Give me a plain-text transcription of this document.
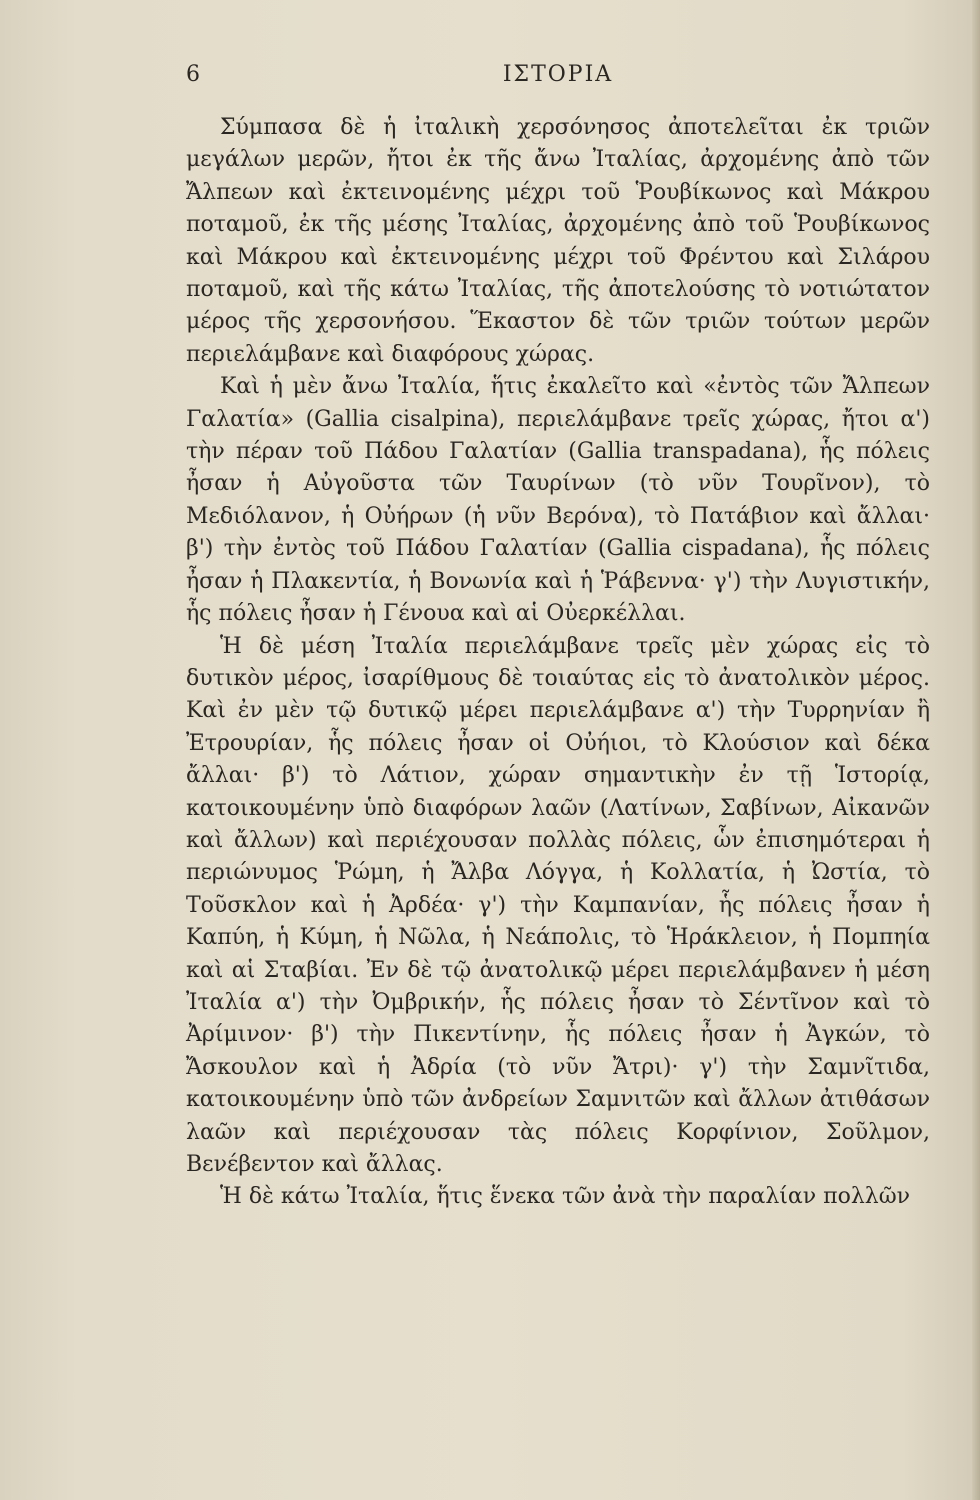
ΙΣΤΟΡΙΑ
6

Σύμπασα δὲ ἡ ἰταλικὴ χερσόνησος ἀποτελεῖται ἐκ τριῶν μεγάλων μερῶν, ἤτοι ἐκ τῆς ἄνω Ἰταλίας, ἀρχομένης ἀπὸ τῶν Ἄλπεων καὶ ἐκτεινομένης μέχρι τοῦ Ῥουβίκωνος καὶ Μάκρου ποταμοῦ, ἐκ τῆς μέσης Ἰταλίας, ἀρχομένης ἀπὸ τοῦ Ῥουβίκωνος καὶ Μάκρου καὶ ἐκτεινομένης μέχρι τοῦ Φρέντου καὶ Σιλάρου ποταμοῦ, καὶ τῆς κάτω Ἰταλίας, τῆς ἀποτελούσης τὸ νοτιώτατον μέρος τῆς χερσονήσου. Ἕκαστον δὲ τῶν τριῶν τούτων μερῶν περιελάμβανε καὶ διαφόρους χώρας.

Καὶ ἡ μὲν ἄνω Ἰταλία, ἥτις ἐκαλεῖτο καὶ «ἐντὸς τῶν Ἄλπεων Γαλατία» (Gallia cisalpina), περιελάμβανε τρεῖς χώρας, ἤτοι α') τὴν πέραν τοῦ Πάδου Γαλατίαν (Gallia transpadana), ἧς πόλεις ἦσαν ἡ Αὐγοῦστα τῶν Ταυρίνων (τὸ νῦν Τουρῖνον), τὸ Μεδιόλανον, ἡ Οὐήρων (ἡ νῦν Βερόνα), τὸ Πατάβιον καὶ ἄλλαι· β') τὴν ἐντὸς τοῦ Πάδου Γαλατίαν (Gallia cispadana), ἧς πόλεις ἦσαν ἡ Πλακεντία, ἡ Βονωνία καὶ ἡ Ῥάβεννα· γ') τὴν Λυγιστικήν, ἧς πόλεις ἦσαν ἡ Γένουα καὶ αἱ Οὐερκέλλαι.

Ἡ δὲ μέση Ἰταλία περιελάμβανε τρεῖς μὲν χώρας εἰς τὸ δυτικὸν μέρος, ἰσαρίθμους δὲ τοιαύτας εἰς τὸ ἀνατολικὸν μέρος. Καὶ ἐν μὲν τῷ δυτικῷ μέρει περιελάμβανε α') τὴν Τυρρηνίαν ἢ Ἐτρουρίαν, ἧς πόλεις ἦσαν οἱ Οὐήιοι, τὸ Κλούσιον καὶ δέκα ἄλλαι· β') τὸ Λάτιον, χώραν σημαντικὴν ἐν τῇ Ἱστορίᾳ, κατοικουμένην ὑπὸ διαφόρων λαῶν (Λατίνων, Σαβίνων, Αἰκανῶν καὶ ἄλλων) καὶ περιέχουσαν πολλὰς πόλεις, ὧν ἐπισημότεραι ἡ περιώνυμος Ῥώμη, ἡ Ἄλβα Λόγγα, ἡ Κολλατία, ἡ Ὠστία, τὸ Τοῦσκλον καὶ ἡ Ἀρδέα· γ') τὴν Καμπανίαν, ἧς πόλεις ἦσαν ἡ Καπύη, ἡ Κύμη, ἡ Νῶλα, ἡ Νεάπολις, τὸ Ἡράκλειον, ἡ Πομπηία καὶ αἱ Σταβίαι. Ἐν δὲ τῷ ἀνατολικῷ μέρει περιελάμβανεν ἡ μέση Ἰταλία α') τὴν Ὀμβρικήν, ἧς πόλεις ἦσαν τὸ Σέντῖνον καὶ τὸ Ἀρίμινον· β') τὴν Πικεντίνην, ἧς πόλεις ἦσαν ἡ Ἀγκών, τὸ Ἄσκουλον καὶ ἡ Ἀδρία (τὸ νῦν Ἄτρι)· γ') τὴν Σαμνῖτιδα, κατοικουμένην ὑπὸ τῶν ἀνδρείων Σαμνιτῶν καὶ ἄλλων ἀτιθάσων λαῶν καὶ περιέχουσαν τὰς πόλεις Κορφίνιον, Σοῦλμον, Βενέβεντον καὶ ἄλλας.

Ἡ δὲ κάτω Ἰταλία, ἥτις ἕνεκα τῶν ἀνὰ τὴν παραλίαν πολλῶν
